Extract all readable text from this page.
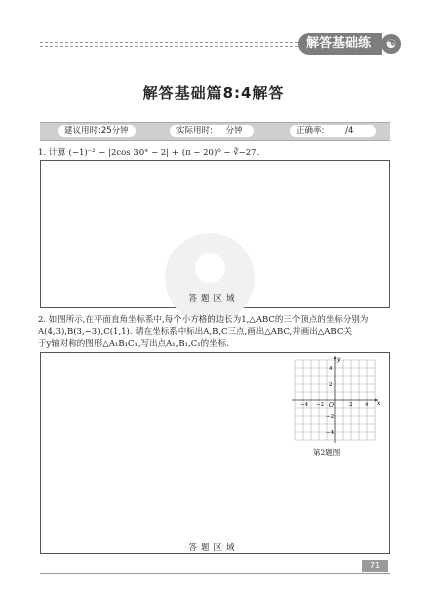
解答基础练	☯
解答基础篇8:4解答
建议用时:25分钟	实际用时: 分钟	正确率: /4
1. 计算 (−1)⁻² − |2cos 30° − 2| + (π − 20)⁰ − ∛−27.
答题区域
2. 如图所示,在平面直角坐标系中,每个小方格的边长为1,△ABC的三个顶点的坐标分别为
A(4,3),B(3,−3),C(1,1). 请在坐标系中标出A,B,C三点,画出△ABC,并画出△ABC关
于y轴对称的图形△A₁B₁C₁,写出点A₁,B₁,C₁的坐标.
x
y
O
−4 −2	2 4
4
2
−2
−4
第2题图
答题区域
71
